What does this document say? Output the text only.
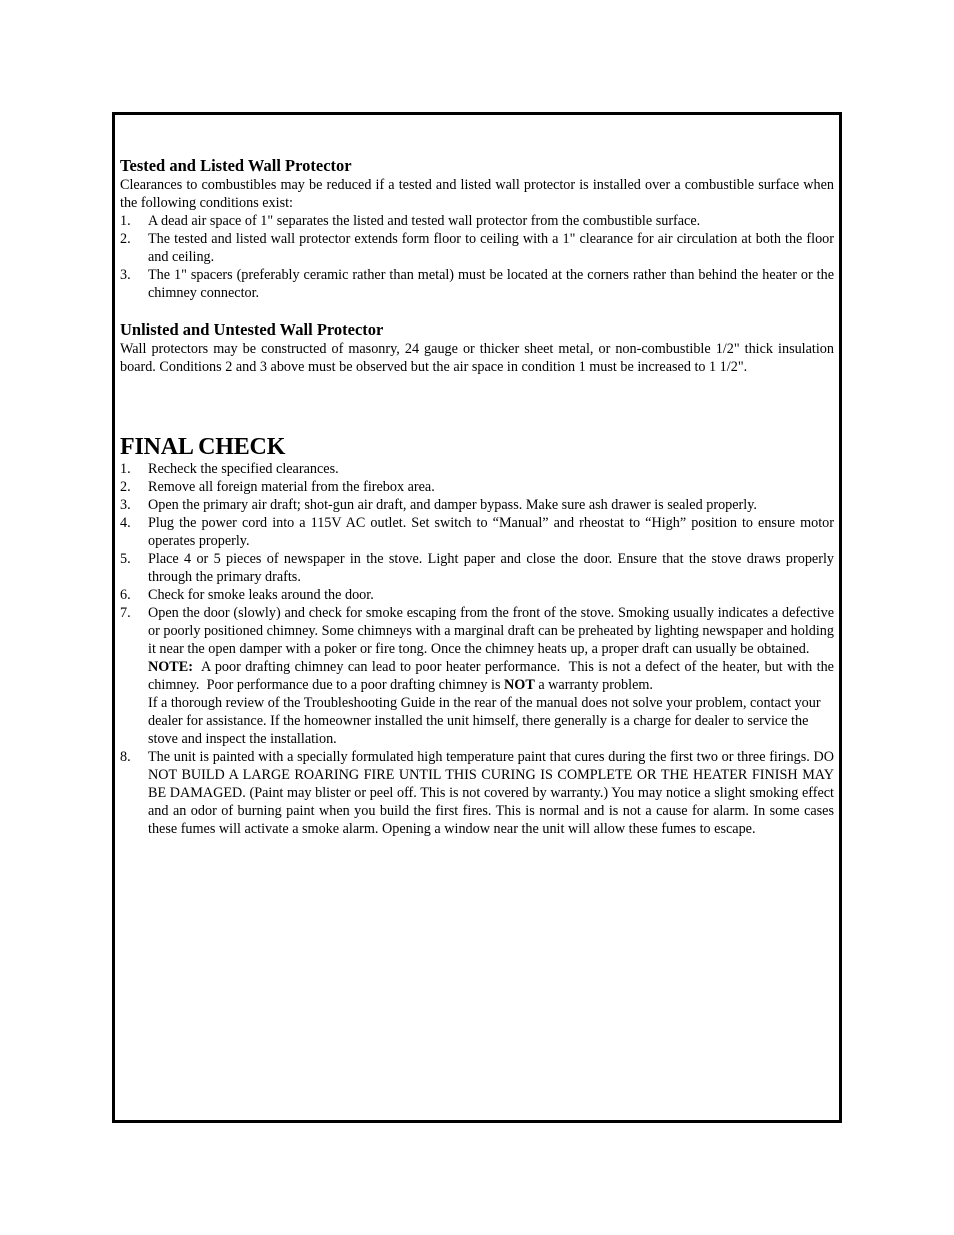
Tested and Listed Wall Protector

Clearances to combustibles may be reduced if a tested and listed wall protector is installed over a combustible surface when the following conditions exist:

1. A dead air space of 1" separates the listed and tested wall protector from the combustible surface.
2. The tested and listed wall protector extends form floor to ceiling with a 1" clearance for air circulation at both the floor and ceiling.
3. The 1" spacers (preferably ceramic rather than metal) must be located at the corners rather than behind the heater or the chimney connector.
Unlisted and Untested Wall Protector

Wall protectors may be constructed of masonry, 24 gauge or thicker sheet metal, or non-combustible 1/2" thick insulation board. Conditions 2 and 3 above must be observed but the air space in condition 1 must be increased to 1 1/2".

FINAL CHECK
1. Recheck the specified clearances.
2. Remove all foreign material from the firebox area.
3. Open the primary air draft; shot-gun air draft, and damper bypass. Make sure ash drawer is sealed properly.
4. Plug the power cord into a 115V AC outlet. Set switch to “Manual” and rheostat to “High” position to ensure motor operates properly.
5. Place 4 or 5 pieces of newspaper in the stove. Light paper and close the door. Ensure that the stove draws properly through the primary drafts.
6. Check for smoke leaks around the door.
7. Open the door (slowly) and check for smoke escaping from the front of the stove. Smoking usually indicates a defective or poorly positioned chimney. Some chimneys with a marginal draft can be preheated by lighting newspaper and holding it near the open damper with a poker or fire tong. Once the chimney heats up, a proper draft can usually be obtained.
NOTE:  A poor drafting chimney can lead to poor heater performance.  This is not a defect of the heater, but with the chimney.  Poor performance due to a poor drafting chimney is NOT a warranty problem.
If a thorough review of the Troubleshooting Guide in the rear of the manual does not solve your problem, contact your dealer for assistance. If the homeowner installed the unit himself, there generally is a charge for dealer to service the stove and inspect the installation.
8. The unit is painted with a specially formulated high temperature paint that cures during the first two or three firings. DO NOT BUILD A LARGE ROARING FIRE UNTIL THIS CURING IS COMPLETE OR THE HEATER FINISH MAY BE DAMAGED. (Paint may blister or peel off. This is not covered by warranty.) You may notice a slight smoking effect and an odor of burning paint when you build the first fires. This is normal and is not a cause for alarm. In some cases these fumes will activate a smoke alarm. Opening a window near the unit will allow these fumes to escape.
